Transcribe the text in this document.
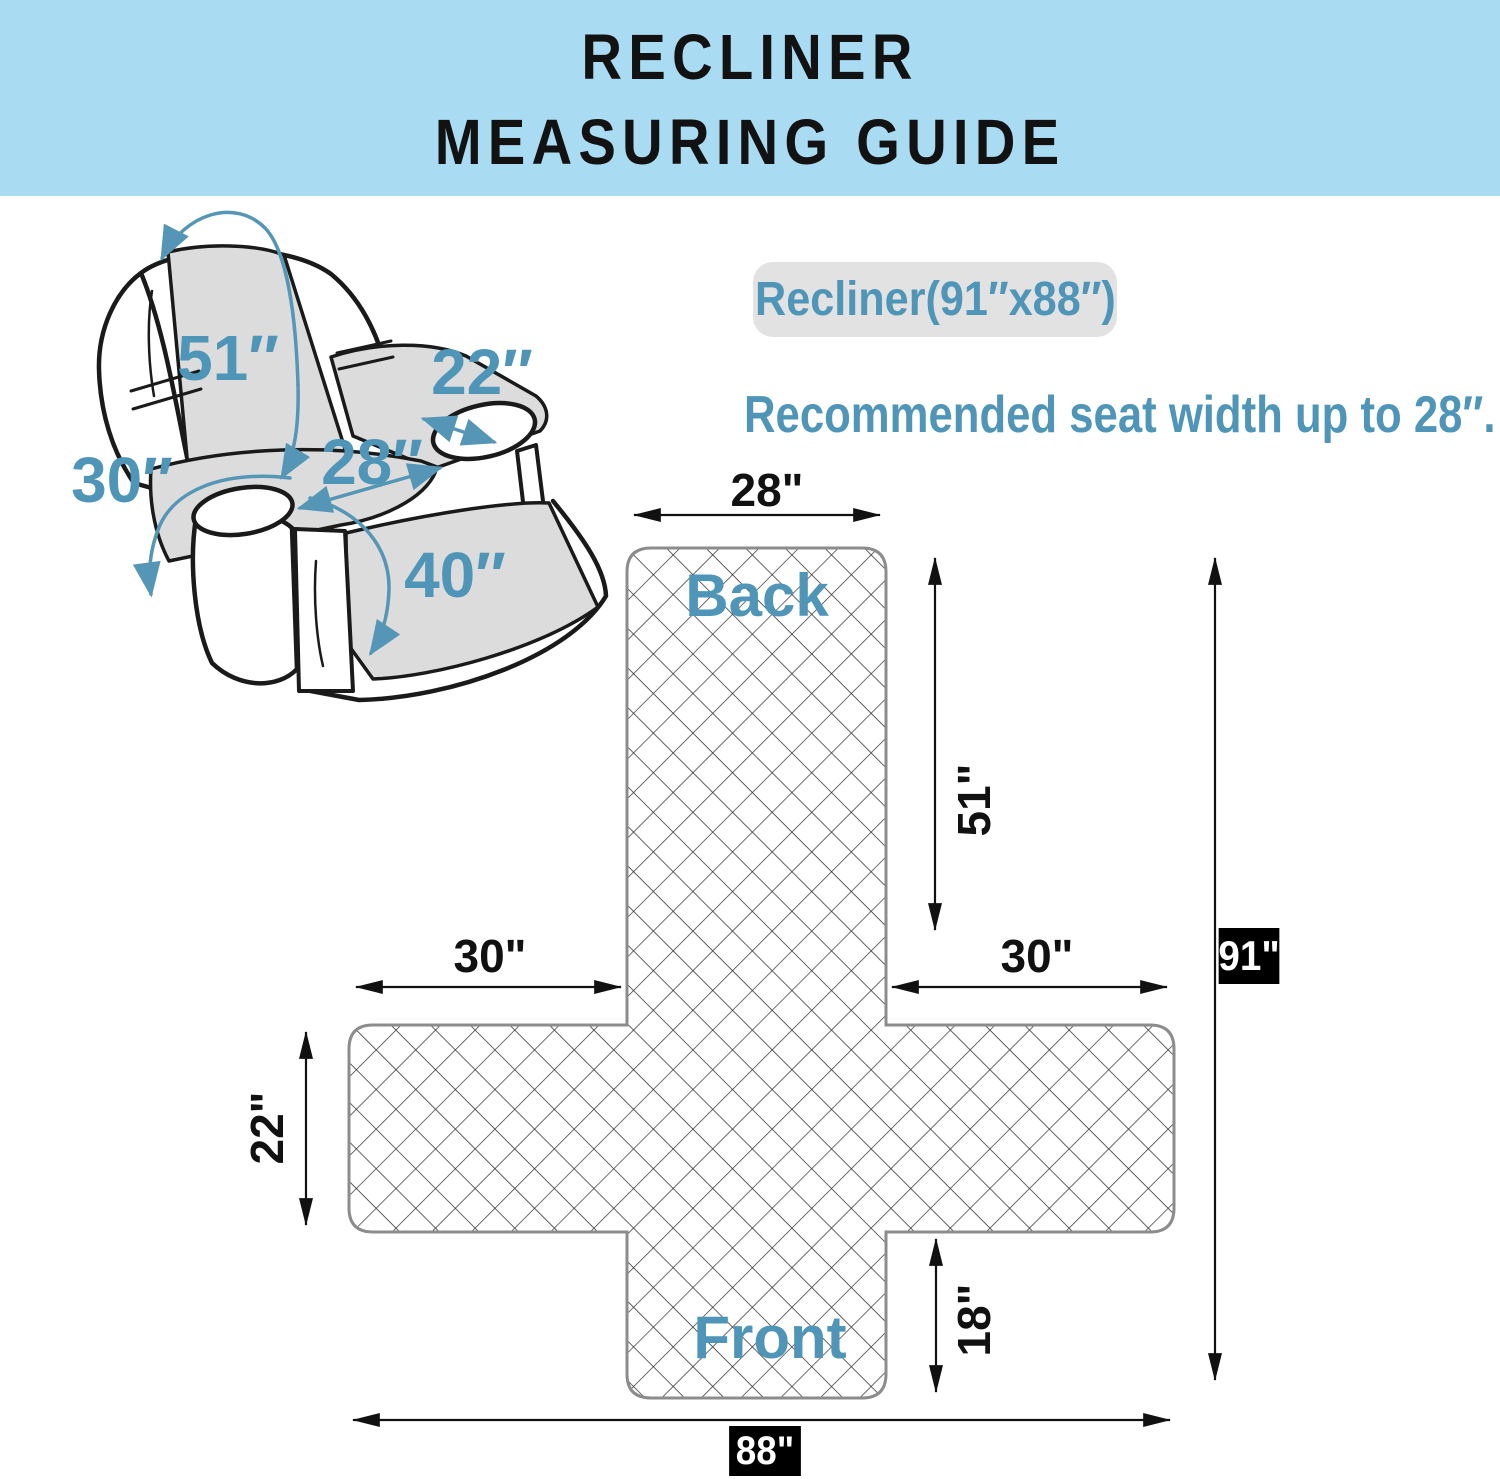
RECLINER
MEASURING GUIDE
Recliner(91″x88″)
Recommended seat width up to 28″.
51″ 22″
30″ 28″
40″	Back
Front
28"
51"
30"	30"
22"
18"
91"
88"
